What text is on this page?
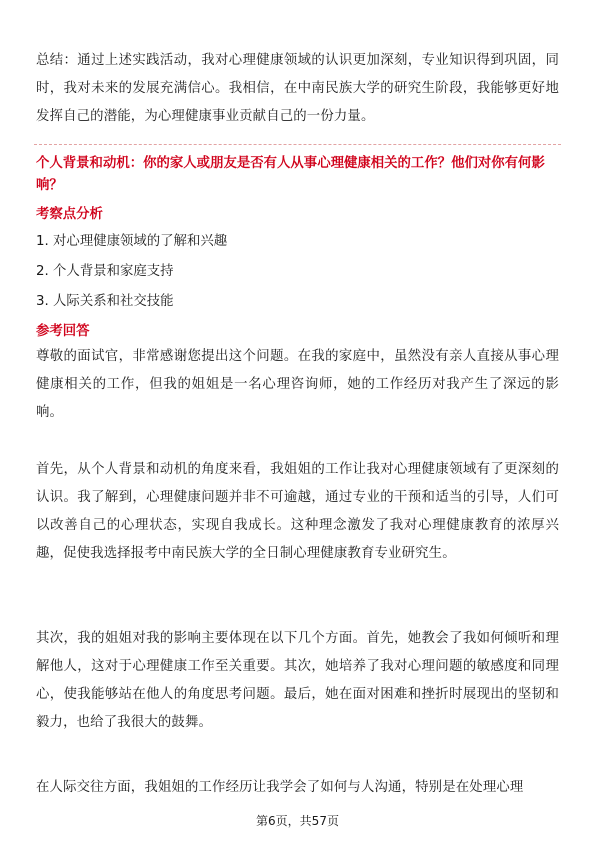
总结：通过上述实践活动，我对心理健康领域的认识更加深刻，专业知识得到巩固，同时，我对未来的发展充满信心。我相信，在中南民族大学的研究生阶段，我能够更好地发挥自己的潜能，为心理健康事业贡献自己的一份力量。

个人背景和动机：你的家人或朋友是否有人从事心理健康相关的工作？他们对你有何影响？

考察点分析

1. 对心理健康领域的了解和兴趣

2. 个人背景和家庭支持

3. 人际关系和社交技能

参考回答

尊敬的面试官，非常感谢您提出这个问题。在我的家庭中，虽然没有亲人直接从事心理健康相关的工作，但我的姐姐是一名心理咨询师，她的工作经历对我产生了深远的影响。

首先，从个人背景和动机的角度来看，我姐姐的工作让我对心理健康领域有了更深刻的认识。我了解到，心理健康问题并非不可逾越，通过专业的干预和适当的引导，人们可以改善自己的心理状态，实现自我成长。这种理念激发了我对心理健康教育的浓厚兴趣，促使我选择报考中南民族大学的全日制心理健康教育专业研究生。

其次，我的姐姐对我的影响主要体现在以下几个方面。首先，她教会了我如何倾听和理解他人，这对于心理健康工作至关重要。其次，她培养了我对心理问题的敏感度和同理心，使我能够站在他人的角度思考问题。最后，她在面对困难和挫折时展现出的坚韧和毅力，也给了我很大的鼓舞。

在人际交往方面，我姐姐的工作经历让我学会了如何与人沟通，特别是在处理心理

第6页，共57页
